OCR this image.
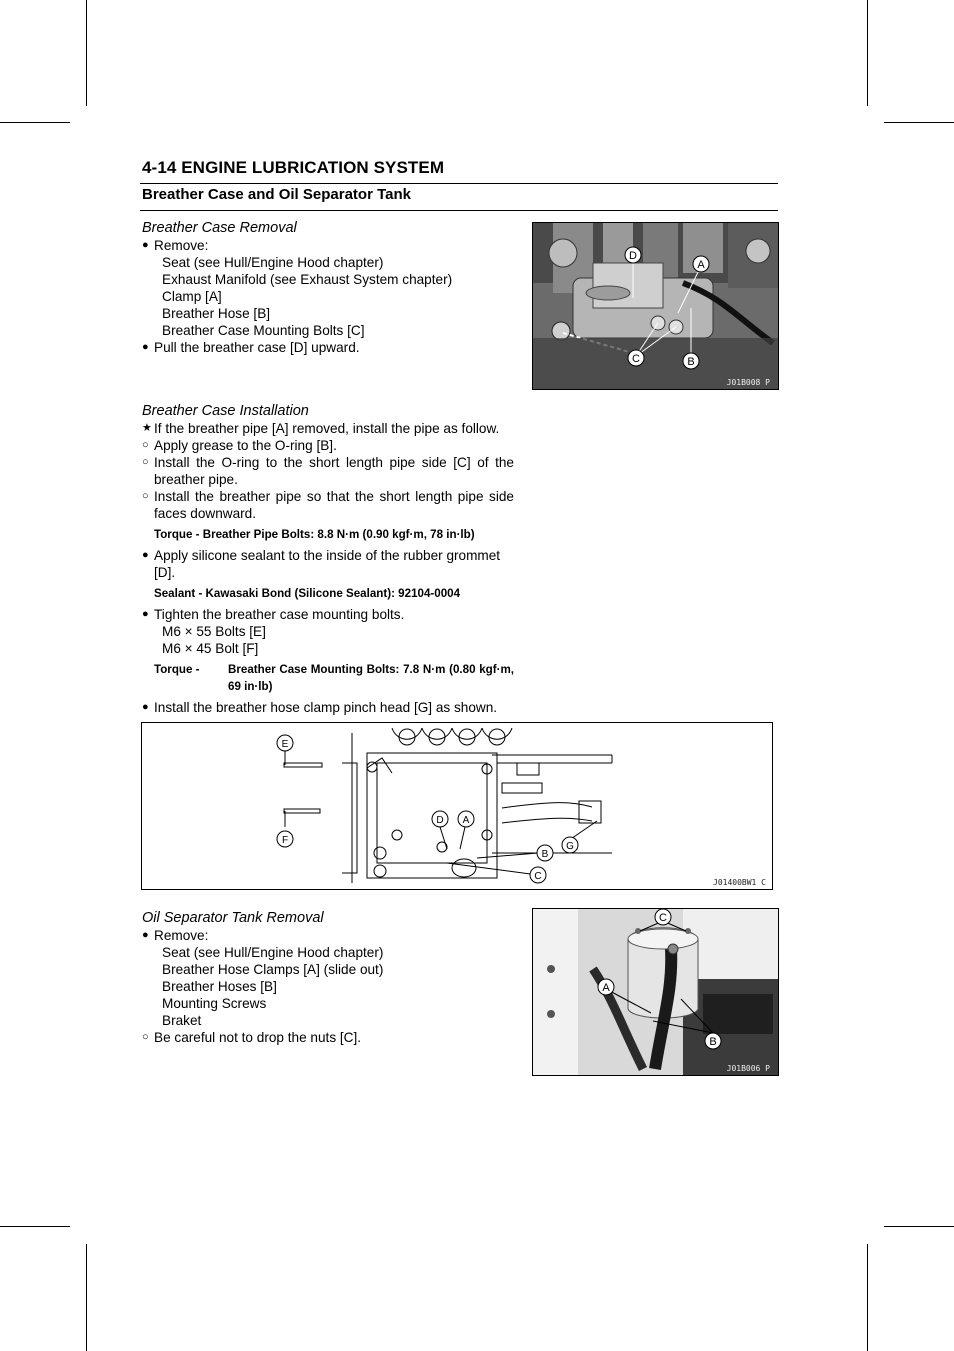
4-14 ENGINE LUBRICATION SYSTEM
Breather Case and Oil Separator Tank
Breather Case Removal
● Remove:
Seat (see Hull/Engine Hood chapter)
Exhaust Manifold (see Exhaust System chapter)
Clamp [A]
Breather Hose [B]
Breather Case Mounting Bolts [C]
● Pull the breather case [D] upward.
Breather Case Installation
★ If the breather pipe [A] removed, install the pipe as follow.
○ Apply grease to the O-ring [B].
○ Install the O-ring to the short length pipe side [C] of the breather pipe.
○ Install the breather pipe so that the short length pipe side faces downward.
Torque - Breather Pipe Bolts: 8.8 N·m (0.90 kgf·m, 78 in·lb)
● Apply silicone sealant to the inside of the rubber grommet [D].
Sealant - Kawasaki Bond (Silicone Sealant): 92104-0004
● Tighten the breather case mounting bolts.
M6 × 55 Bolts [E]
M6 × 45 Bolt [F]
Torque - Breather Case Mounting Bolts: 7.8 N·m (0.80 kgf·m, 69 in·lb)
● Install the breather hose clamp pinch head [G] as shown.
Oil Separator Tank Removal
● Remove:
Seat (see Hull/Engine Hood chapter)
Breather Hose Clamps [A] (slide out)
Breather Hoses [B]
Mounting Screws
Braket
○ Be careful not to drop the nuts [C].
D
A
C	B
J01B008 P
E
F
D A
B
C
G
J01400BW1 C
C
A
B
J01B006 P
